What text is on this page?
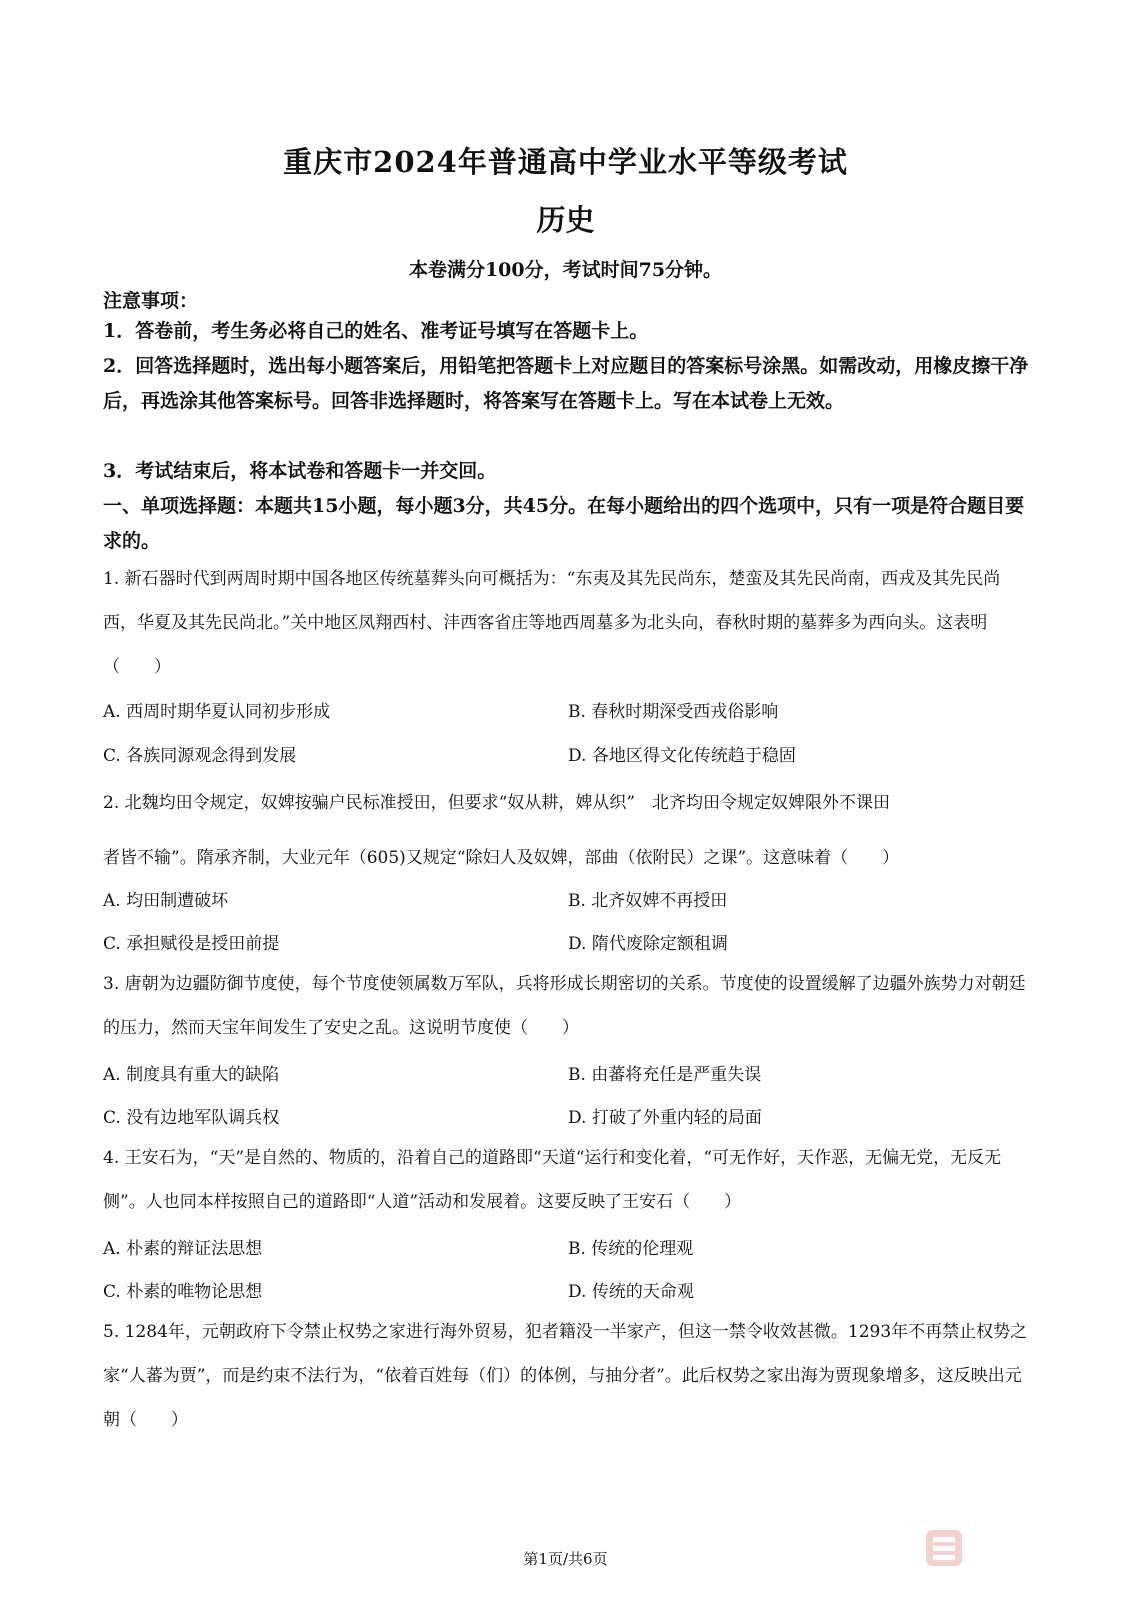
重庆市2024年普通高中学业水平等级考试
历史
本卷满分100分，考试时间75分钟。
注意事项：
1．答卷前，考生务必将自己的姓名、准考证号填写在答题卡上。
2．回答选择题时，选出每小题答案后，用铅笔把答题卡上对应题目的答案标号涂黑。如需改动，用橡皮擦干净后，再选涂其他答案标号。回答非选择题时，将答案写在答题卡上。写在本试卷上无效。
3．考试结束后，将本试卷和答题卡一并交回。
一、单项选择题：本题共15小题，每小题3分，共45分。在每小题给出的四个选项中，只有一项是符合题目要求的。
1. 新石器时代到两周时期中国各地区传统墓葬头向可概括为：“东夷及其先民尚东，楚蛮及其先民尚南，西戎及其先民尚西，华夏及其先民尚北。”关中地区凤翔西村、沣西客省庄等地西周墓多为北头向，春秋时期的墓葬多为西向头。这表明（　　）
A. 西周时期华夏认同初步形成	B. 春秋时期深受西戎俗影响
C. 各族同源观念得到发展	D. 各地区得文化传统趋于稳固
2. 北魏均田令规定，奴婢按骗户民标准授田，但要求“奴从耕，婢从织”　北齐均田令规定奴婢限外不课田
者皆不输”。隋承齐制，大业元年（605)又规定“除妇人及奴婢，部曲（依附民）之课”。这意味着（　　）
A. 均田制遭破坏	B. 北齐奴婢不再授田
C. 承担赋役是授田前提	D. 隋代废除定额租调
3. 唐朝为边疆防御节度使，每个节度使领属数万军队，兵将形成长期密切的关系。节度使的设置缓解了边疆外族势力对朝廷的压力，然而天宝年间发生了安史之乱。这说明节度使（　　）
A. 制度具有重大的缺陷	B. 由蕃将充任是严重失误
C. 没有边地军队调兵权	D. 打破了外重内轻的局面
4. 王安石为，“天”是自然的、物质的，沿着自己的道路即“天道“运行和变化着，“可无作好，天作恶，无偏无党，无反无侧”。人也同本样按照自己的道路即“人道”活动和发展着。这要反映了王安石（　　）
A. 朴素的辩证法思想	B. 传统的伦理观
C. 朴素的唯物论思想	D. 传统的天命观
5. 1284年，元朝政府下令禁止权势之家进行海外贸易，犯者籍没一半家产，但这一禁令收效甚微。1293年不再禁止权势之家“人蕃为贾”，而是约束不法行为，“依着百姓每（们）的体例，与抽分者”。此后权势之家出海为贾现象增多，这反映出元朝（　　）
第1页/共6页
